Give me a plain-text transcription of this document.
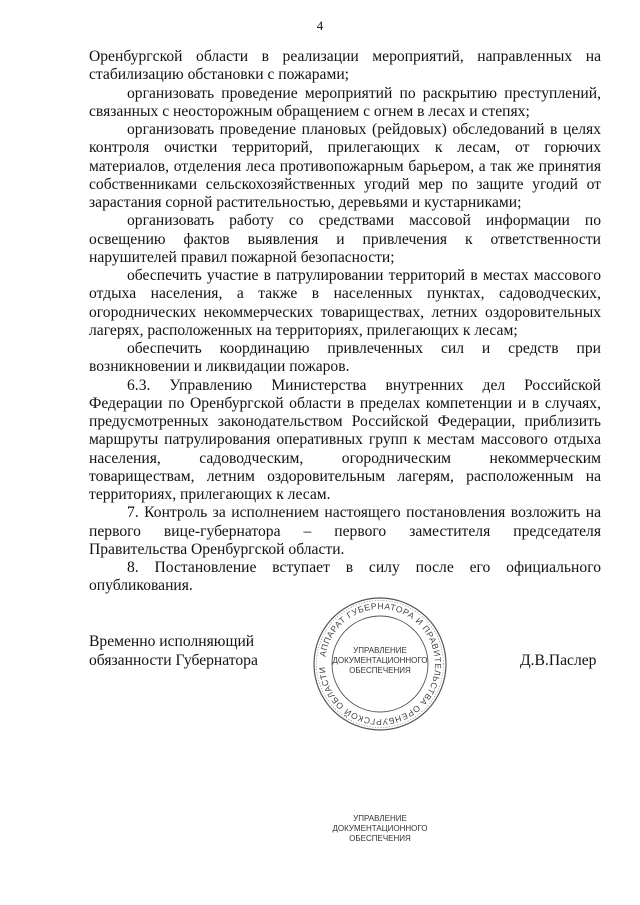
4

Оренбургской области в реализации мероприятий, направленных на стабилизацию обстановки с пожарами;

организовать проведение мероприятий по раскрытию преступлений, связанных с неосторожным обращением с огнем в лесах и степях;

организовать проведение плановых (рейдовых) обследований в целях контроля очистки территорий, прилегающих к лесам, от горючих материалов, отделения леса противопожарным барьером, а так же принятия собственниками сельскохозяйственных угодий мер по защите угодий от зарастания сорной растительностью, деревьями и кустарниками;

организовать работу со средствами массовой информации по освещению фактов выявления и привлечения к ответственности нарушителей правил пожарной безопасности;

обеспечить участие в патрулировании территорий в местах массового отдыха населения, а также в населенных пунктах, садоводческих, огороднических некоммерческих товариществах, летних оздоровительных лагерях, расположенных на территориях, прилегающих к лесам;

обеспечить координацию привлеченных сил и средств при возникновении и ликвидации пожаров.

6.3. Управлению Министерства внутренних дел Российской Федерации по Оренбургской области в пределах компетенции и в случаях, предусмотренных законодательством Российской Федерации, приблизить маршруты патрулирования оперативных групп к местам массового отдыха населения, садоводческим, огородническим некоммерческим товариществам, летним оздоровительным лагерям, расположенным на территориях, прилегающих к лесам.

7. Контроль за исполнением настоящего постановления возложить на первого вице-губернатора – первого заместителя председателя Правительства Оренбургской области.

8. Постановление вступает в силу после его официального опубликования.

Временно исполняющий
обязанности Губернатора	АППАРАТ ГУБЕРНАТОРА И ПРАВИТЕЛЬСТВА ОРЕНБУРГСКОЙ ОБЛАСТИ
УПРАВЛЕНИЕ ДОКУМЕНТАЦИОННОГО ОБЕСПЕЧЕНИЯ
УПРАВЛЕНИЕ ДОКУМЕНТАЦИОННОГО ОБЕСПЕЧЕНИЯ
Д.В.Паслер
